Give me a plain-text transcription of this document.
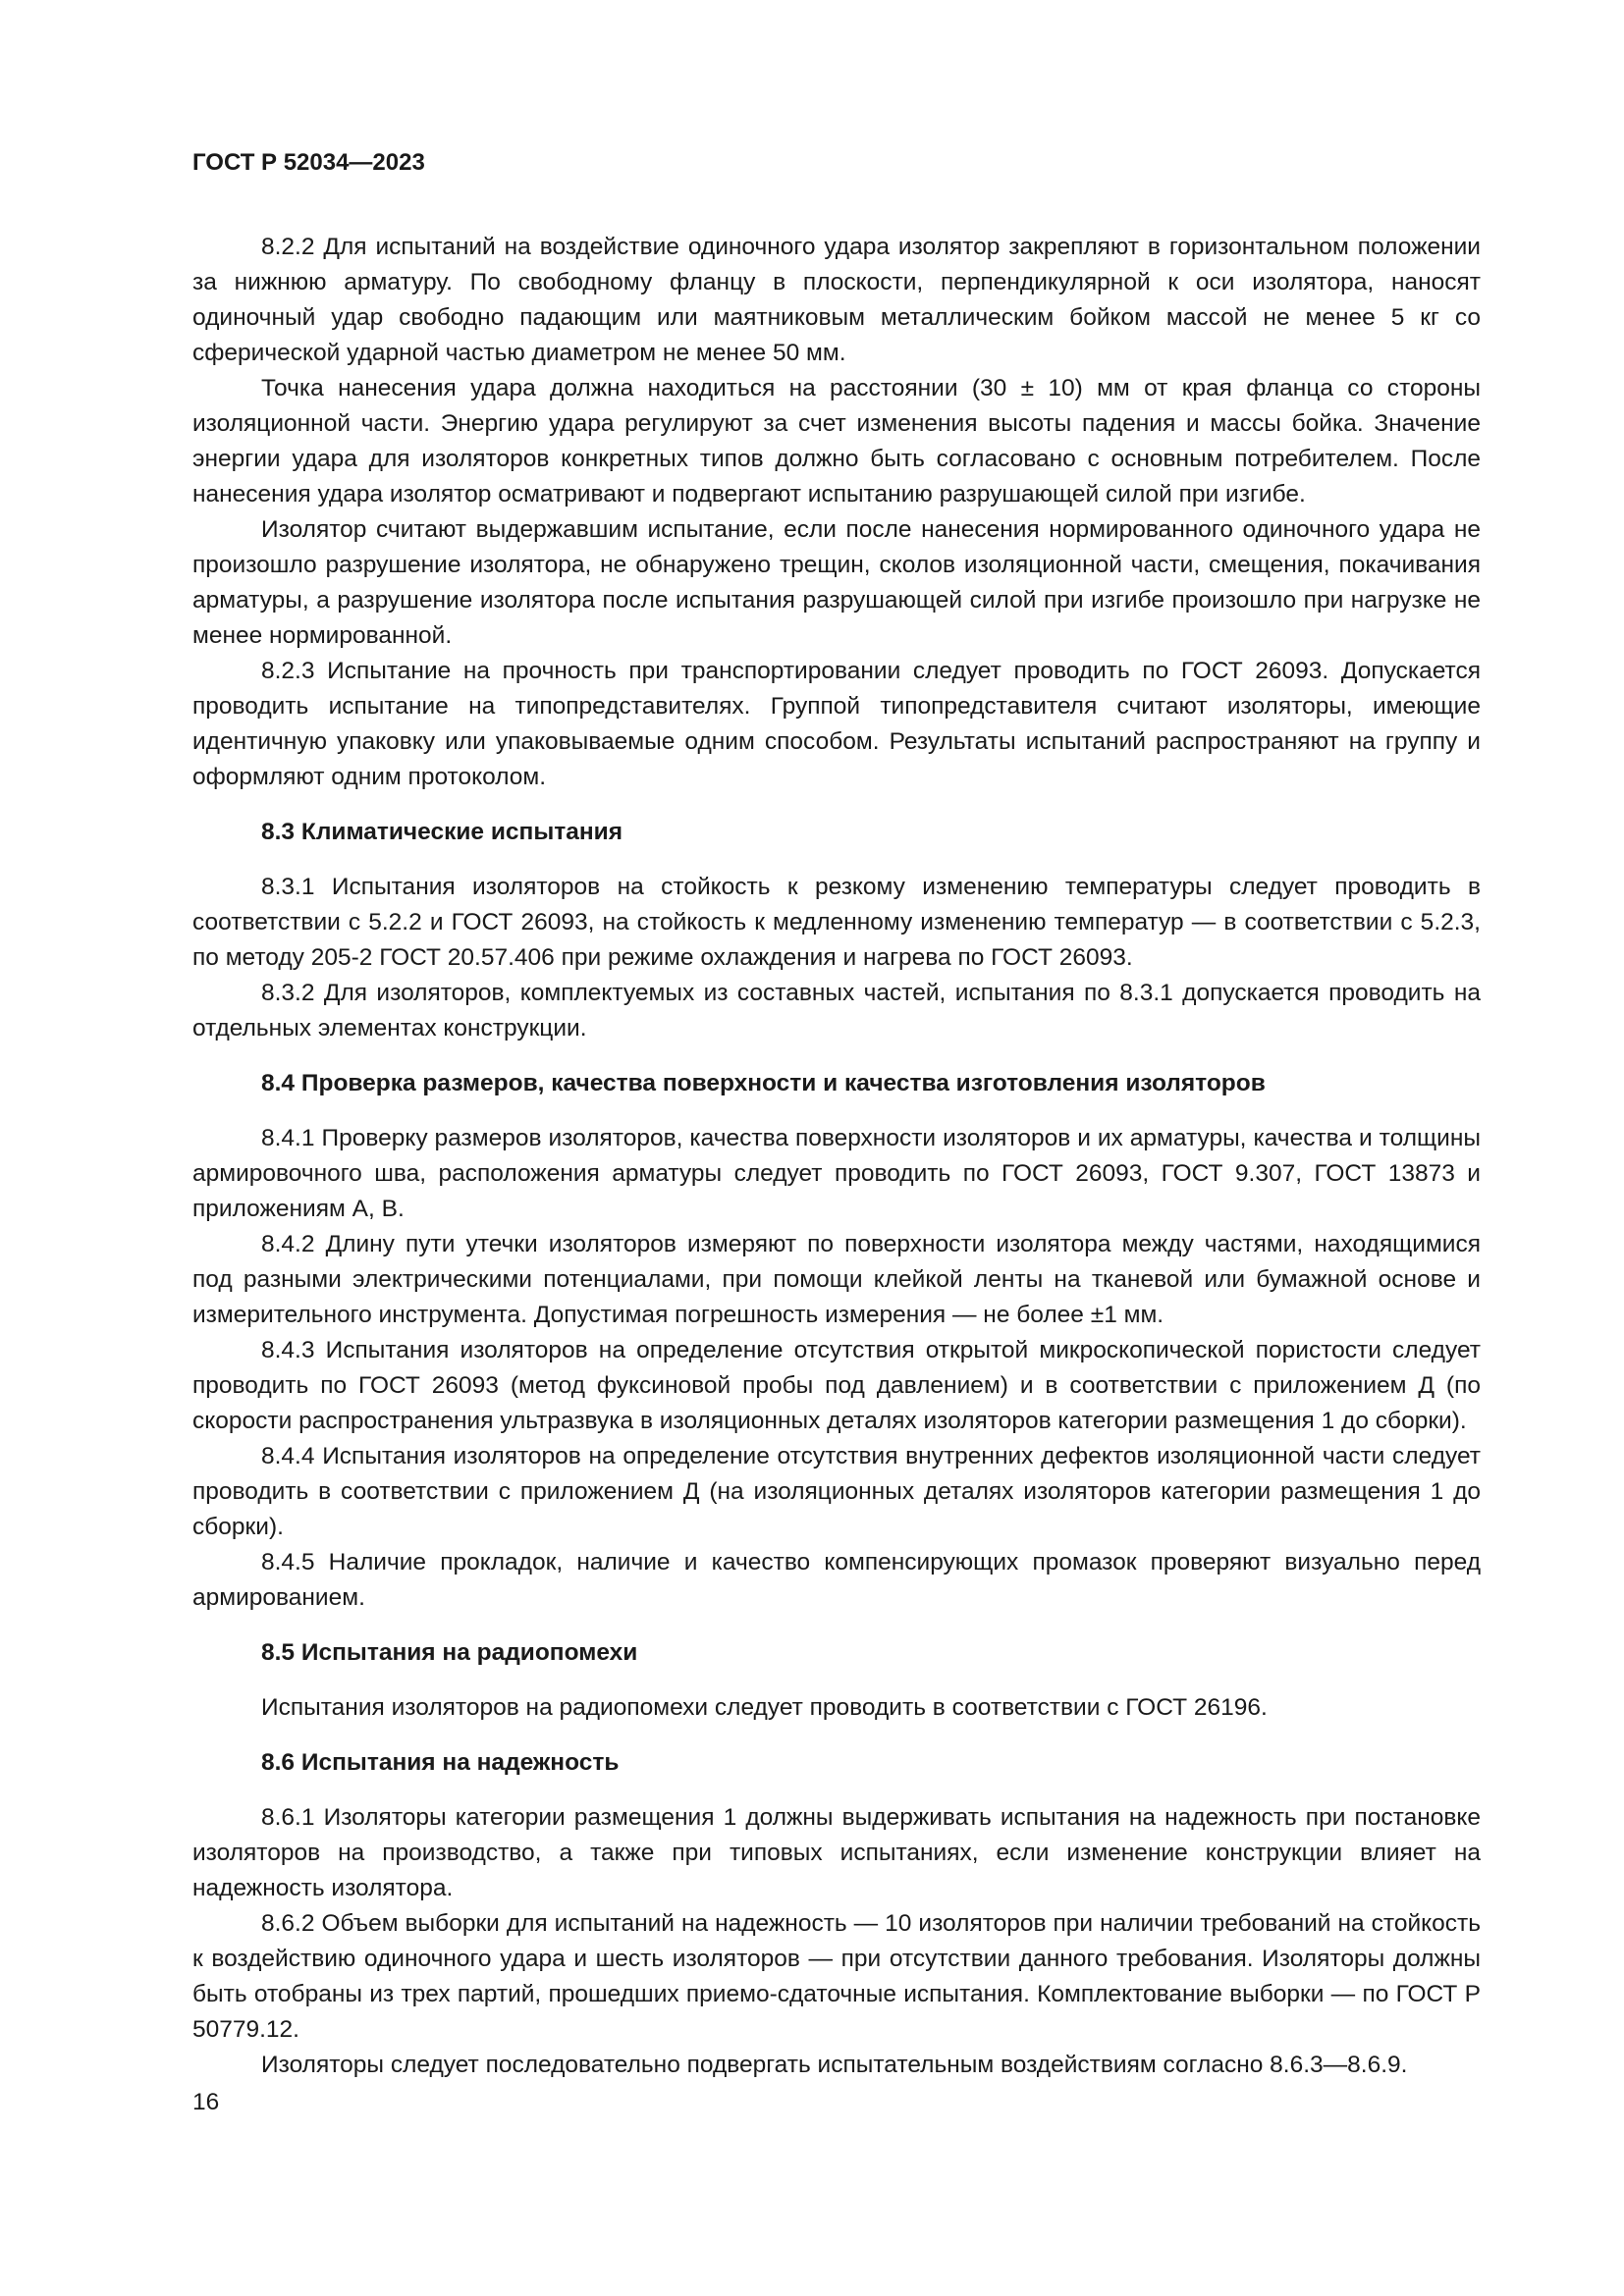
ГОСТ Р 52034—2023

8.2.2 Для испытаний на воздействие одиночного удара изолятор закрепляют в горизонтальном положении за нижнюю арматуру. По свободному фланцу в плоскости, перпендикулярной к оси изолятора, наносят одиночный удар свободно падающим или маятниковым металлическим бойком массой не менее 5 кг со сферической ударной частью диаметром не менее 50 мм.

Точка нанесения удара должна находиться на расстоянии (30 ± 10) мм от края фланца со стороны изоляционной части. Энергию удара регулируют за счет изменения высоты падения и массы бойка. Значение энергии удара для изоляторов конкретных типов должно быть согласовано с основным потребителем. После нанесения удара изолятор осматривают и подвергают испытанию разрушающей силой при изгибе.

Изолятор считают выдержавшим испытание, если после нанесения нормированного одиночного удара не произошло разрушение изолятора, не обнаружено трещин, сколов изоляционной части, смещения, покачивания арматуры, а разрушение изолятора после испытания разрушающей силой при изгибе произошло при нагрузке не менее нормированной.

8.2.3 Испытание на прочность при транспортировании следует проводить по ГОСТ 26093. Допускается проводить испытание на типопредставителях. Группой типопредставителя считают изоляторы, имеющие идентичную упаковку или упаковываемые одним способом. Результаты испытаний распространяют на группу и оформляют одним протоколом.

8.3 Климатические испытания

8.3.1 Испытания изоляторов на стойкость к резкому изменению температуры следует проводить в соответствии с 5.2.2 и ГОСТ 26093, на стойкость к медленному изменению температур — в соответствии с 5.2.3, по методу 205-2 ГОСТ 20.57.406 при режиме охлаждения и нагрева по ГОСТ 26093.

8.3.2 Для изоляторов, комплектуемых из составных частей, испытания по 8.3.1 допускается проводить на отдельных элементах конструкции.

8.4 Проверка размеров, качества поверхности и качества изготовления изоляторов

8.4.1 Проверку размеров изоляторов, качества поверхности изоляторов и их арматуры, качества и толщины армировочного шва, расположения арматуры следует проводить по ГОСТ 26093, ГОСТ 9.307, ГОСТ 13873 и приложениям А, В.

8.4.2 Длину пути утечки изоляторов измеряют по поверхности изолятора между частями, находящимися под разными электрическими потенциалами, при помощи клейкой ленты на тканевой или бумажной основе и измерительного инструмента. Допустимая погрешность измерения — не более ±1 мм.

8.4.3 Испытания изоляторов на определение отсутствия открытой микроскопической пористости следует проводить по ГОСТ 26093 (метод фуксиновой пробы под давлением) и в соответствии с приложением Д (по скорости распространения ультразвука в изоляционных деталях изоляторов категории размещения 1 до сборки).

8.4.4 Испытания изоляторов на определение отсутствия внутренних дефектов изоляционной части следует проводить в соответствии с приложением Д (на изоляционных деталях изоляторов категории размещения 1 до сборки).

8.4.5 Наличие прокладок, наличие и качество компенсирующих промазок проверяют визуально перед армированием.

8.5 Испытания на радиопомехи

Испытания изоляторов на радиопомехи следует проводить в соответствии с ГОСТ 26196.

8.6 Испытания на надежность

8.6.1 Изоляторы категории размещения 1 должны выдерживать испытания на надежность при постановке изоляторов на производство, а также при типовых испытаниях, если изменение конструкции влияет на надежность изолятора.

8.6.2 Объем выборки для испытаний на надежность — 10 изоляторов при наличии требований на стойкость к воздействию одиночного удара и шесть изоляторов — при отсутствии данного требования. Изоляторы должны быть отобраны из трех партий, прошедших приемо-сдаточные испытания. Комплектование выборки — по ГОСТ Р 50779.12.

Изоляторы следует последовательно подвергать испытательным воздействиям согласно 8.6.3—8.6.9.

16
